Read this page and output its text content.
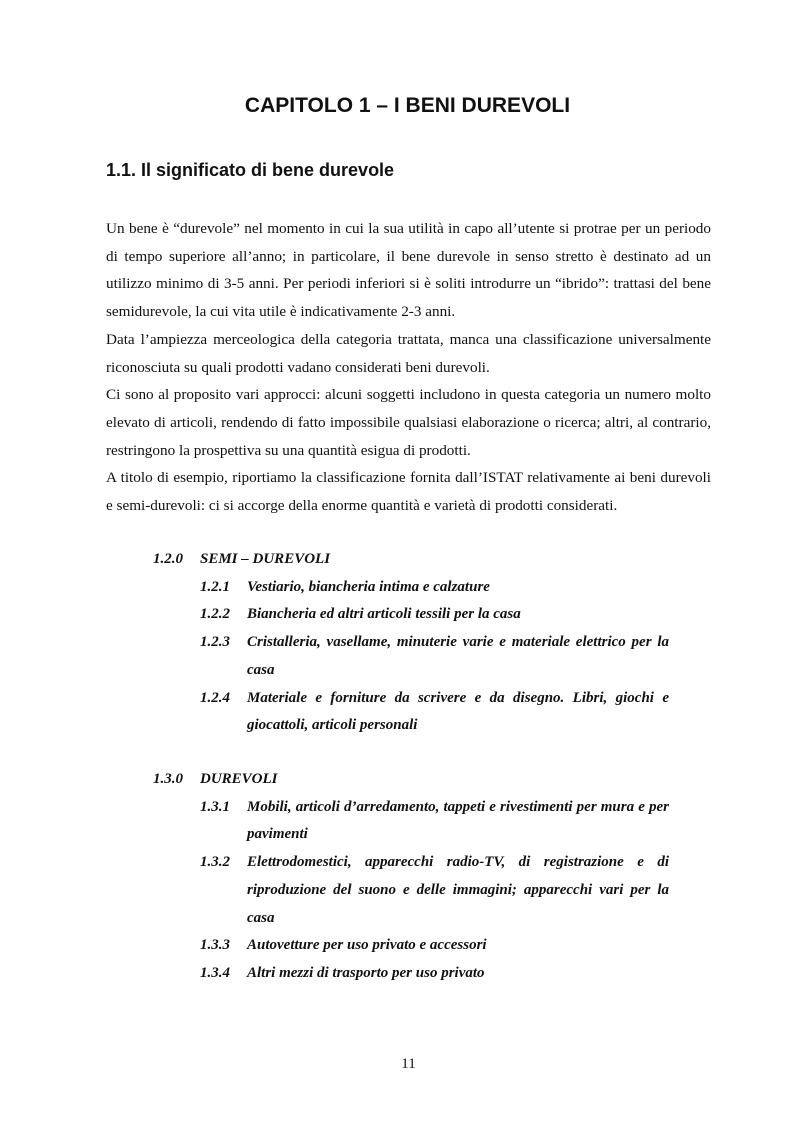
CAPITOLO 1 – I BENI DUREVOLI
1.1. Il significato di bene durevole

Un bene è “durevole” nel momento in cui la sua utilità in capo all’utente si protrae per un periodo di tempo superiore all’anno; in particolare, il bene durevole in senso stretto è destinato ad un utilizzo minimo di 3-5 anni. Per periodi inferiori si è soliti introdurre un “ibrido”: trattasi del bene semidurevole, la cui vita utile è indicativamente 2-3 anni.

Data l’ampiezza merceologica della categoria trattata, manca una classificazione universalmente riconosciuta su quali prodotti vadano considerati beni durevoli.

Ci sono al proposito vari approcci: alcuni soggetti includono in questa categoria un numero molto elevato di articoli, rendendo di fatto impossibile qualsiasi elaborazione o ricerca; altri, al contrario, restringono la prospettiva su una quantità esigua di prodotti.

A titolo di esempio, riportiamo la classificazione fornita dall’ISTAT relativamente ai beni durevoli e semi-durevoli: ci si accorge della enorme quantità e varietà di prodotti considerati.

1.2.0	SEMI – DUREVOLI
1.2.1	Vestiario, biancheria intima e calzature
1.2.2	Biancheria ed altri articoli tessili per la casa
1.2.3	Cristalleria, vasellame, minuterie varie e materiale elettrico per la casa
1.2.4	Materiale e forniture da scrivere e da disegno. Libri, giochi e giocattoli, articoli personali
1.3.0	DUREVOLI
1.3.1	Mobili, articoli d’arredamento, tappeti e rivestimenti per mura e per pavimenti
1.3.2	Elettrodomestici, apparecchi radio-TV, di registrazione e di riproduzione del suono e delle immagini; apparecchi vari per la casa
1.3.3	Autovetture per uso privato e accessori
1.3.4	Altri mezzi di trasporto per uso privato
11
